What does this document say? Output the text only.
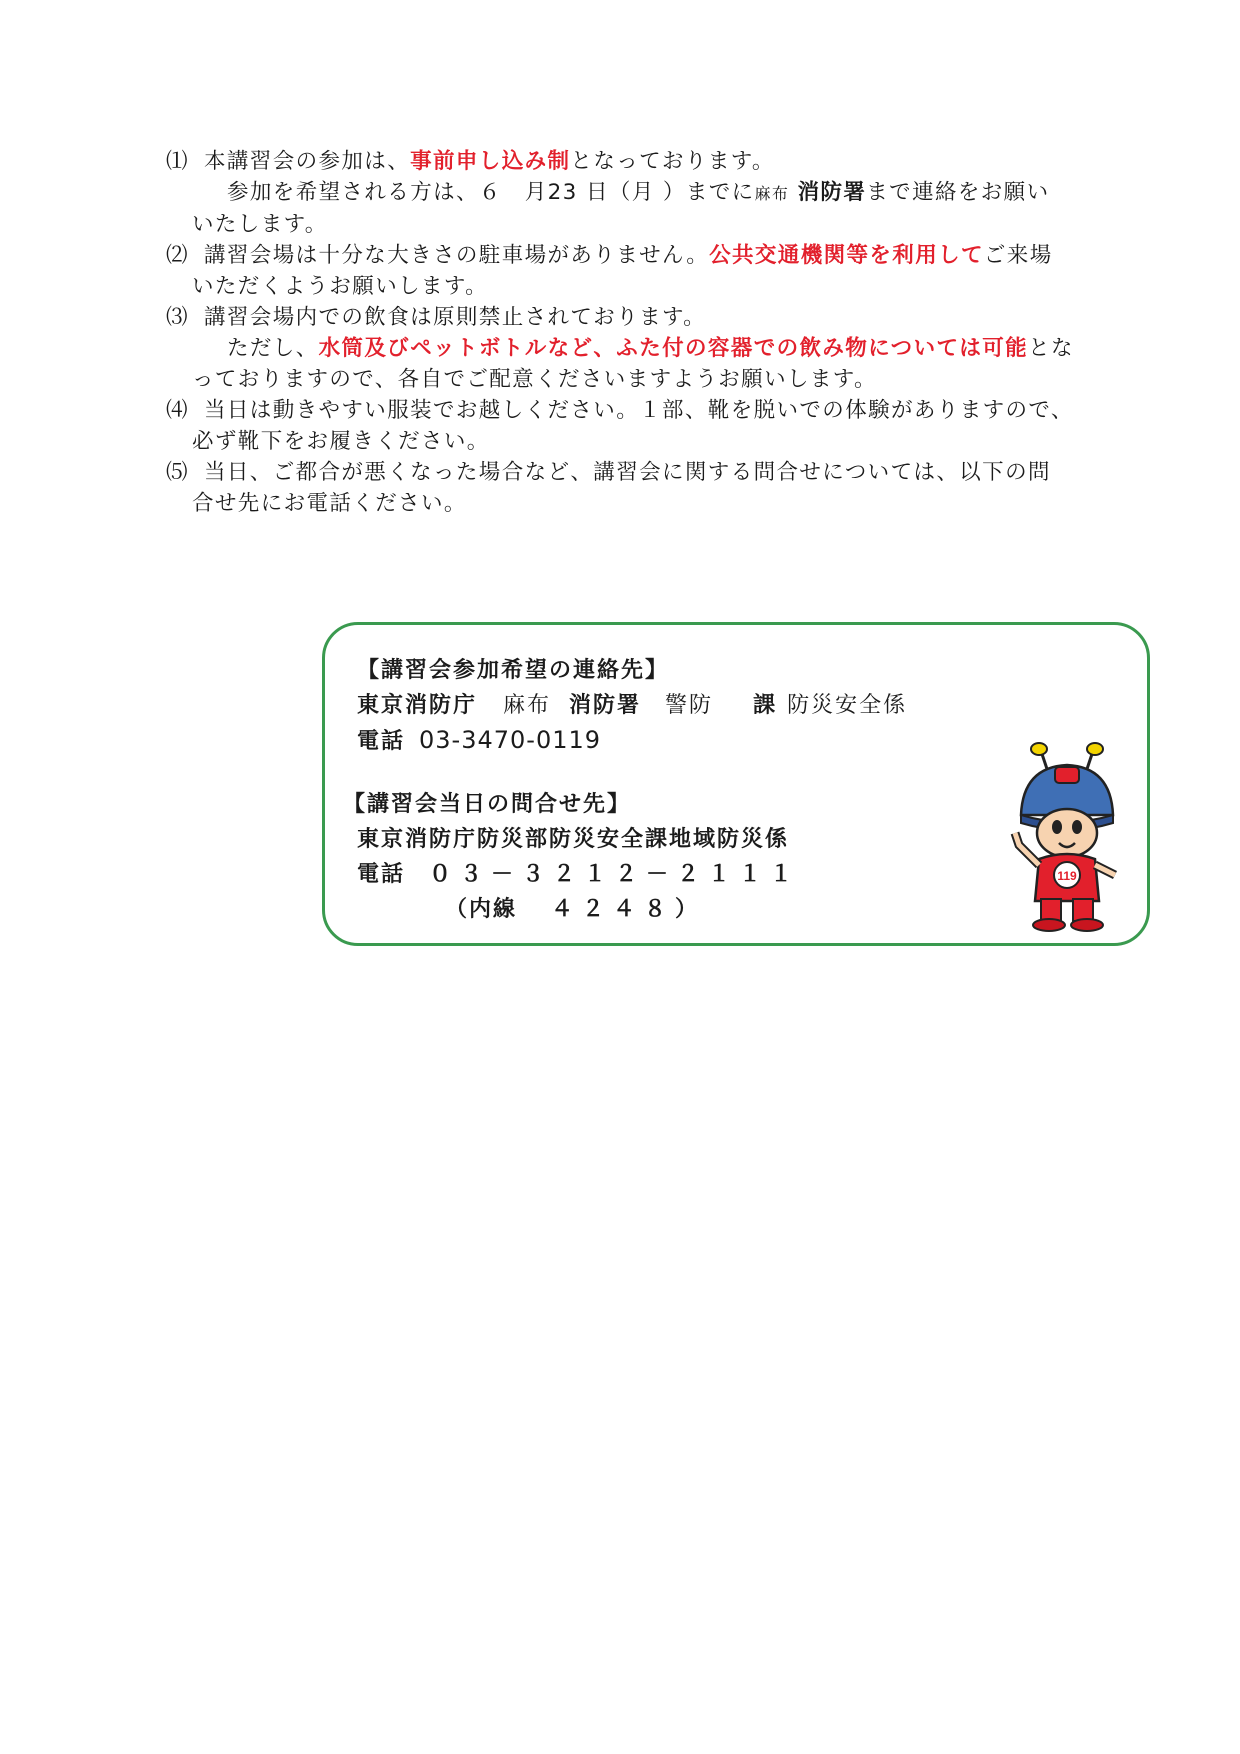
⑴ 本講習会の参加は、事前申し込み制となっております。
参加を希望される方は、６　月23 日（月 ）までに麻布 消防署まで連絡をお願い
いたします。
⑵ 講習会場は十分な大きさの駐車場がありません。公共交通機関等を利用してご来場
いただくようお願いします。
⑶ 講習会場内での飲食は原則禁止されております。
ただし、水筒及びペットボトルなど、ふた付の容器での飲み物については可能とな
っておりますので、各自でご配意くださいますようお願いします。
⑷ 当日は動きやすい服装でお越しください。１部、靴を脱いでの体験がありますので、
必ず靴下をお履きください。
⑸ 当日、ご都合が悪くなった場合など、講習会に関する問合せについては、以下の問
合せ先にお電話ください。
【講習会参加希望の連絡先】
東京消防庁 麻布 消防署 警防 課 防災安全係
電話 03-3470-0119
【講習会当日の問合せ先】
東京消防庁防災部防災安全課地域防災係
電話 ０３－３２１２－２１１１
（内線 ４２４８）
119
